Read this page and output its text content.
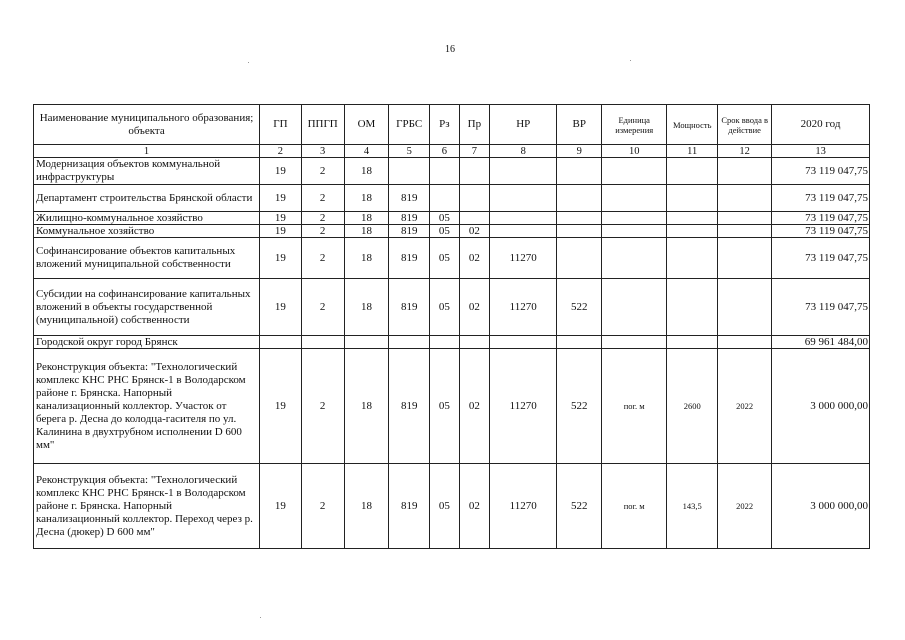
16
Наименование муниципального образования; объекта	ГП	ППГП	ОМ	ГРБС	Рз	Пр	НР	ВР	Единица измерения	Мощность	Срок ввода в действие	2020 год
1	2	3	4	5	6	7	8	9	10	11	12	13
Модернизация объектов коммунальной инфраструктуры	19	2	18									73 119 047,75
Департамент строительства Брянской области	19	2	18	819								73 119 047,75
Жилищно-коммунальное хозяйство	19	2	18	819	05							73 119 047,75
Коммунальное хозяйство	19	2	18	819	05	02						73 119 047,75
Софинансирование объектов капитальных вложений муниципальной собственности	19	2	18	819	05	02	11270					73 119 047,75
Субсидии на софинансирование капитальных вложений в объекты государственной (муниципальной) собственности	19	2	18	819	05	02	11270	522				73 119 047,75
Городской округ город Брянск												69 961 484,00
Реконструкция объекта: "Технологический комплекс КНС РНС Брянск-1 в Володарском районе г. Брянска. Напорный канализационный коллектор. Участок от берега р. Десна до колодца-гасителя по ул. Калинина в двухтрубном исполнении D 600 мм"	19	2	18	819	05	02	11270	522	пог. м	2600	2022	3 000 000,00
Реконструкция объекта: "Технологический комплекс КНС РНС Брянск-1 в Володарском районе г. Брянска. Напорный канализационный коллектор. Переход через р. Десна (дюкер) D 600 мм"	19	2	18	819	05	02	11270	522	пог. м	143,5	2022	3 000 000,00
